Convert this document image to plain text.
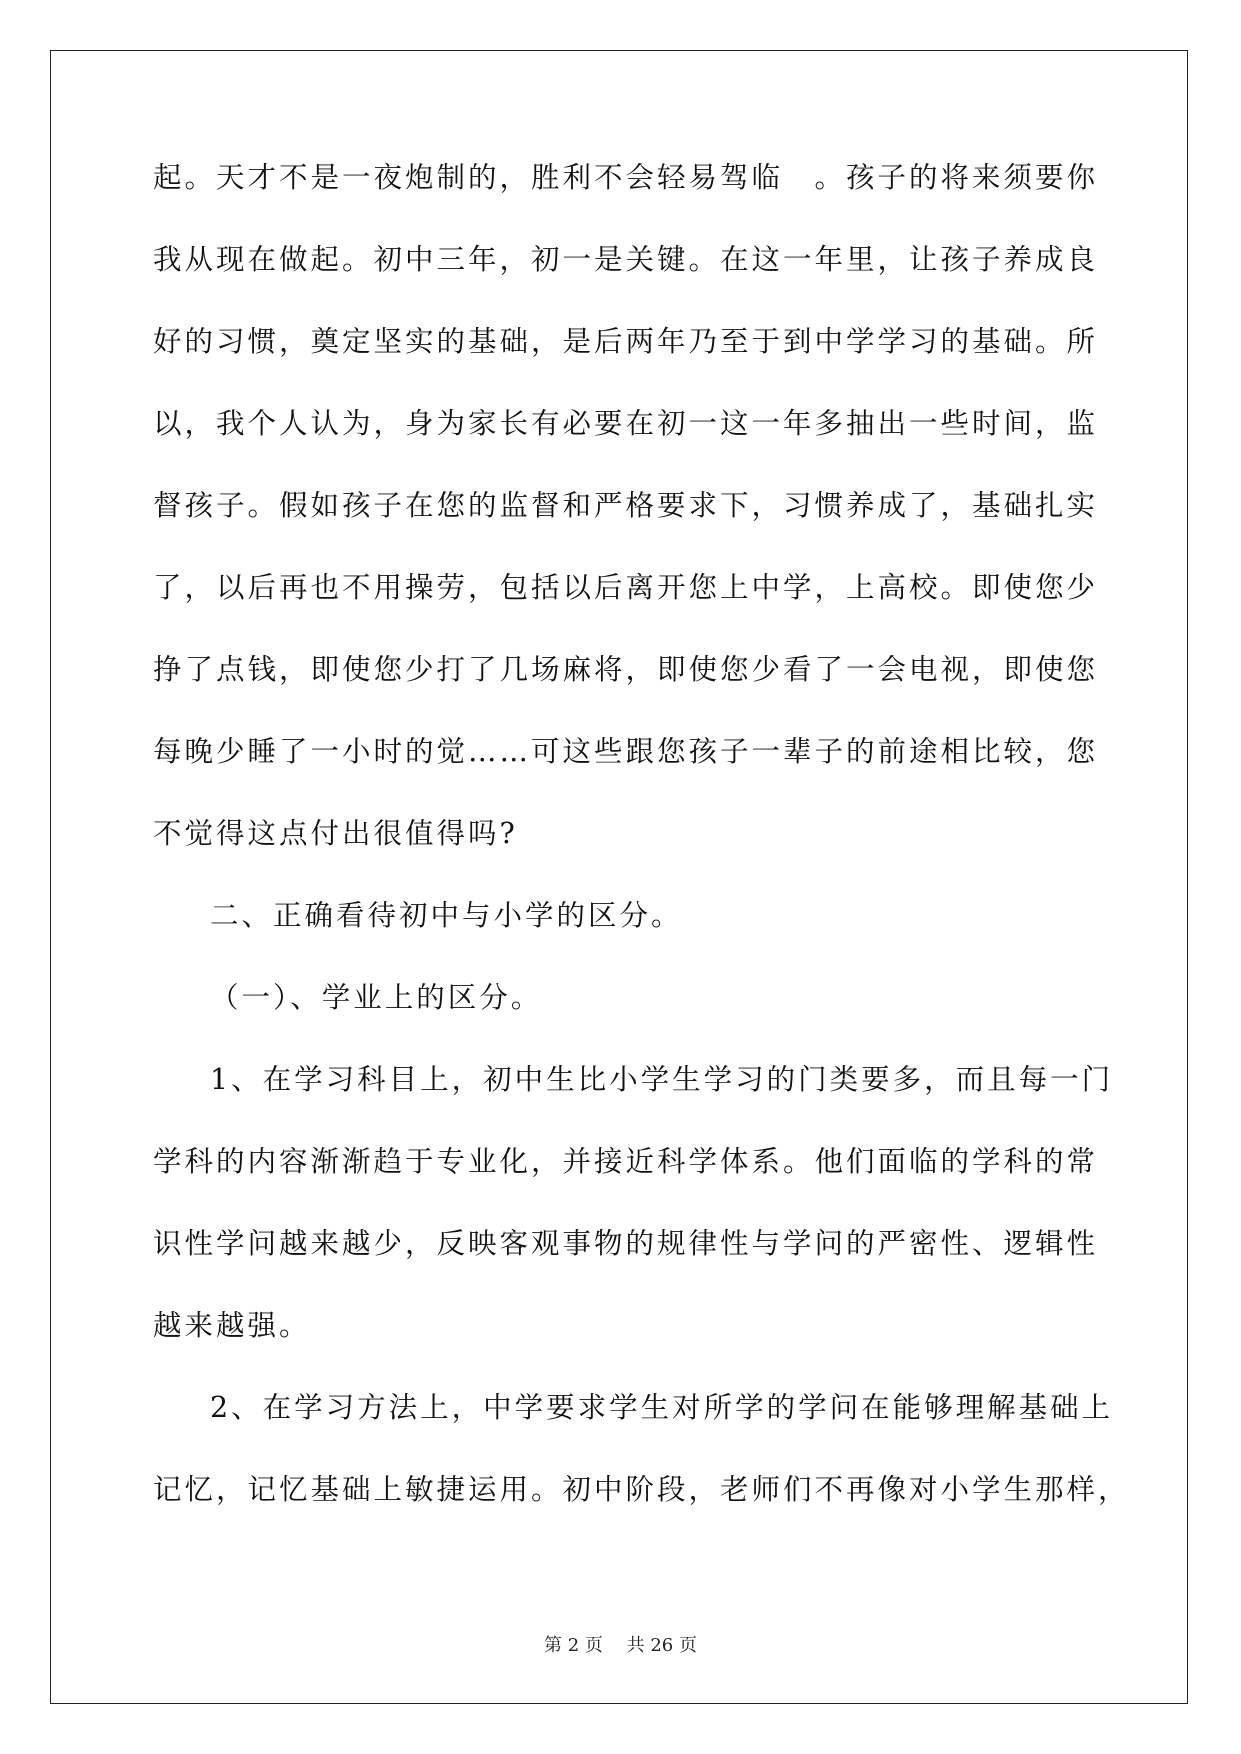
起。天才不是一夜炮制的，胜利不会轻易驾临　。孩子的将来须要你
我从现在做起。初中三年，初一是关键。在这一年里，让孩子养成良
好的习惯，奠定坚实的基础，是后两年乃至于到中学学习的基础。所
以，我个人认为，身为家长有必要在初一这一年多抽出一些时间，监
督孩子。假如孩子在您的监督和严格要求下，习惯养成了，基础扎实
了，以后再也不用操劳，包括以后离开您上中学，上高校。即使您少
挣了点钱，即使您少打了几场麻将，即使您少看了一会电视，即使您
每晚少睡了一小时的觉……可这些跟您孩子一辈子的前途相比较，您
不觉得这点付出很值得吗?
二、正确看待初中与小学的区分。
（一）、学业上的区分。
1、在学习科目上，初中生比小学生学习的门类要多，而且每一门
学科的内容渐渐趋于专业化，并接近科学体系。他们面临的学科的常
识性学问越来越少，反映客观事物的规律性与学问的严密性、逻辑性
越来越强。
2、在学习方法上，中学要求学生对所学的学问在能够理解基础上
记忆，记忆基础上敏捷运用。初中阶段，老师们不再像对小学生那样，
第 2 页　 共 26 页
